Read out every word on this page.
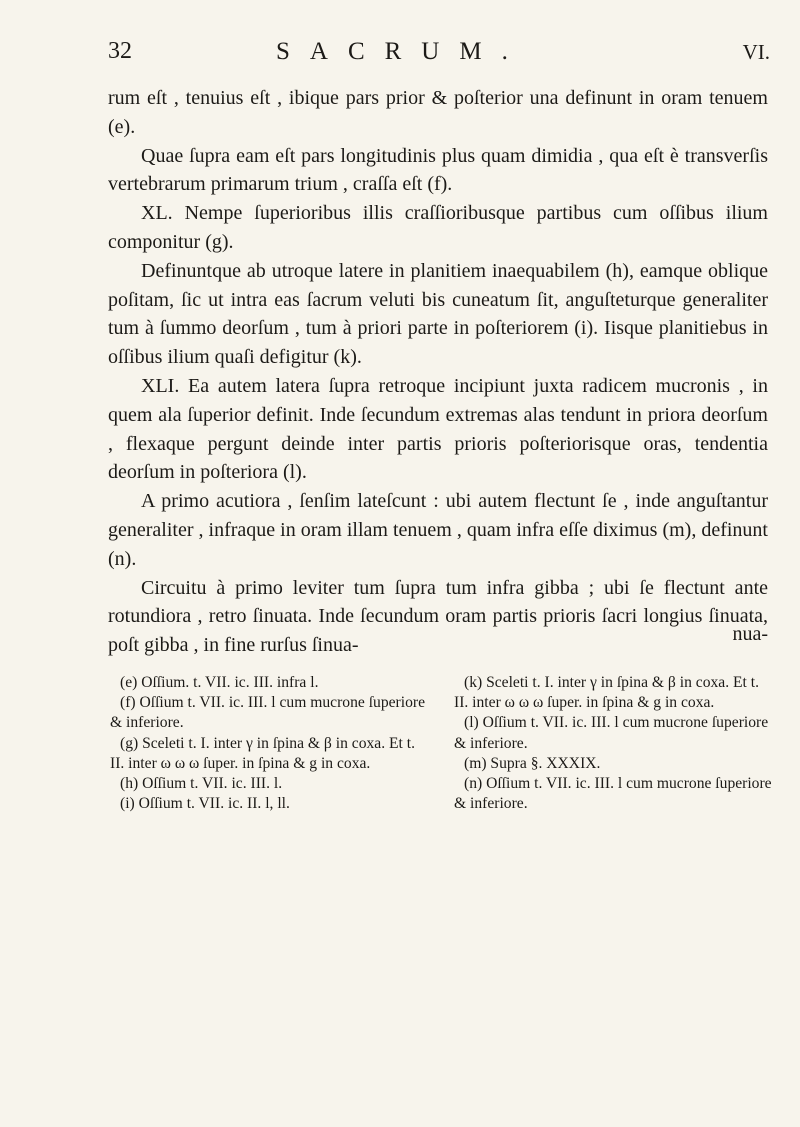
32	SACRUM.	VI.

rum eſt , tenuius eſt , ibique pars prior & poſterior una definunt in oram tenuem (e).

Quae ſupra eam eſt pars longitudinis plus quam dimidia , qua eſt è transverſis vertebrarum primarum trium , craſſa eſt (f).

XL. Nempe ſuperioribus illis craſſioribusque partibus cum oſſibus ilium componitur (g).

Definuntque ab utroque latere in planitiem inaequabilem (h), eamque oblique poſitam, ſic ut intra eas ſacrum veluti bis cuneatum ſit, anguſteturque generaliter tum à ſummo deorſum , tum à priori parte in poſteriorem (i). Iisque planitiebus in oſſibus ilium quaſi defigitur (k).

XLI. Ea autem latera ſupra retroque incipiunt juxta radicem mucronis , in quem ala ſuperior definit. Inde ſecundum extremas alas tendunt in priora deorſum , flexaque pergunt deinde inter partis prioris poſteriorisque oras, tendentia deorſum in poſteriora (l).

A primo acutiora , ſenſim lateſcunt : ubi autem flectunt ſe , inde anguſtantur generaliter , infraque in oram illam tenuem , quam infra eſſe diximus (m), definunt (n).

Circuitu à primo leviter tum ſupra tum infra gibba ; ubi ſe flectunt ante rotundiora , retro ſinuata. Inde ſecundum oram partis prioris ſacri longius ſinuata, poſt gibba , in fine rurſus ſinua-

nua-

(e) Oſſium. t. VII. ic. III. infra l.

(f) Oſſium t. VII. ic. III. l cum mucrone ſuperiore & inferiore.

(g) Sceleti t. I. inter γ in ſpina & β in coxa. Et t. II. inter ω ω ω ſuper. in ſpina & g in coxa.

(h) Oſſium t. VII. ic. III. l.

(i) Oſſium t. VII. ic. II. l, ll.

(k) Sceleti t. I. inter γ in ſpina & β in coxa. Et t. II. inter ω ω ω ſuper. in ſpina & g in coxa.

(l) Oſſium t. VII. ic. III. l cum mucrone ſuperiore & inferiore.

(m) Supra §. XXXIX.

(n) Oſſium t. VII. ic. III. l cum mucrone ſuperiore & inferiore.
